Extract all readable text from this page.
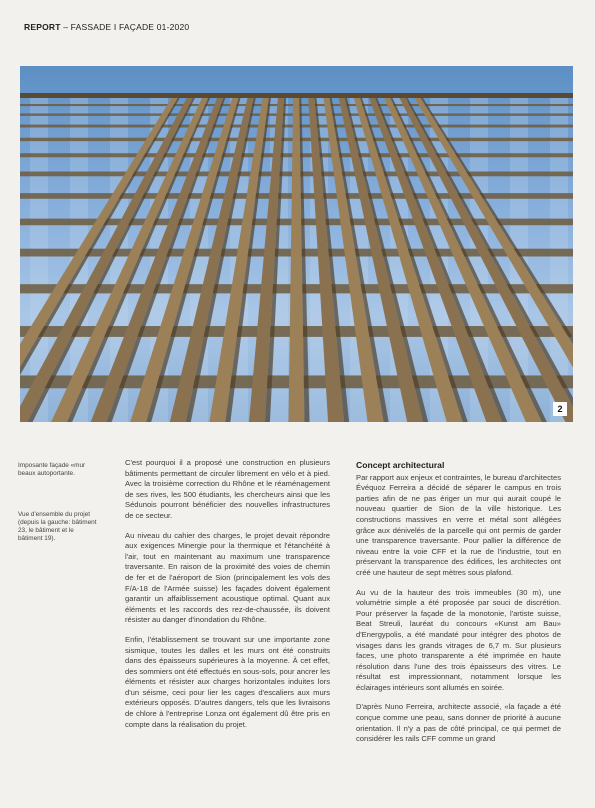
REPORT – FASSADE I FAÇADE 01-2020
2
Imposante façade «mur beaux autoportante.
Vue d'ensemble du projet (depuis la gauche: bâtiment 23, le bâtiment et le bâtiment 19).

C'est pourquoi il a proposé une construction en plusieurs bâtiments permettant de circuler librement en vélo et à pied. Avec la troisième correction du Rhône et le réaménagement de ses rives, les 500 étudiants, les chercheurs ainsi que les Sédunois pourront bénéficier des nouvelles infrastructures de ce secteur.

Au niveau du cahier des charges, le projet devait répondre aux exigences Minergie pour la thermique et l'étanchéité à l'air, tout en maintenant au maximum une transparence traversante. En raison de la proximité des voies de chemin de fer et de l'aéroport de Sion (principalement les vols des F/A-18 de l'Armée suisse) les façades doivent également garantir un affaiblissement acoustique optimal. Quant aux éléments et les raccords des rez-de-chaussée, ils doivent résister au danger d'inondation du Rhône.

Enfin, l'établissement se trouvant sur une importante zone sismique, toutes les dalles et les murs ont été construits dans des épaisseurs supérieures à la moyenne. À cet effet, des sommiers ont été effectués en sous-sols, pour ancrer les éléments et résister aux charges horizontales induites lors d'un séisme, ceci pour lier les cages d'escaliers aux murs extérieurs opposés. D'autres dangers, tels que les livraisons de chlore à l'entreprise Lonza ont également dû être pris en compte dans la réalisation du projet.

Concept architectural

Par rapport aux enjeux et contraintes, le bureau d'architectes Évéquoz Ferreira a décidé de séparer le campus en trois parties afin de ne pas ériger un mur qui aurait coupé le nouveau quartier de Sion de la ville historique. Les constructions massives en verre et métal sont allégées grâce aux dénivelés de la parcelle qui ont permis de garder une transparence traversante. Pour pallier la différence de niveau entre la voie CFF et la rue de l'industrie, tout en préservant la transparence des édifices, les architectes ont créé une hauteur de sept mètres sous plafond.

Au vu de la hauteur des trois immeubles (30 m), une volumétrie simple a été proposée par souci de discrétion. Pour préserver la façade de la monotonie, l'artiste suisse, Beat Streuli, lauréat du concours «Kunst am Bau» d'Energypolis, a été mandaté pour intégrer des photos de visages dans les grands vitrages de 6,7 m. Sur plusieurs faces, une photo transparente a été imprimée en haute résolution dans l'une des trois épaisseurs des vitres. Le résultat est impressionnant, notamment lorsque les éclairages intérieurs sont allumés en soirée.

D'après Nuno Ferreira, architecte associé, «la façade a été conçue comme une peau, sans donner de priorité à aucune orientation. Il n'y a pas de côté principal, ce qui permet de considérer les rails CFF comme un grand
